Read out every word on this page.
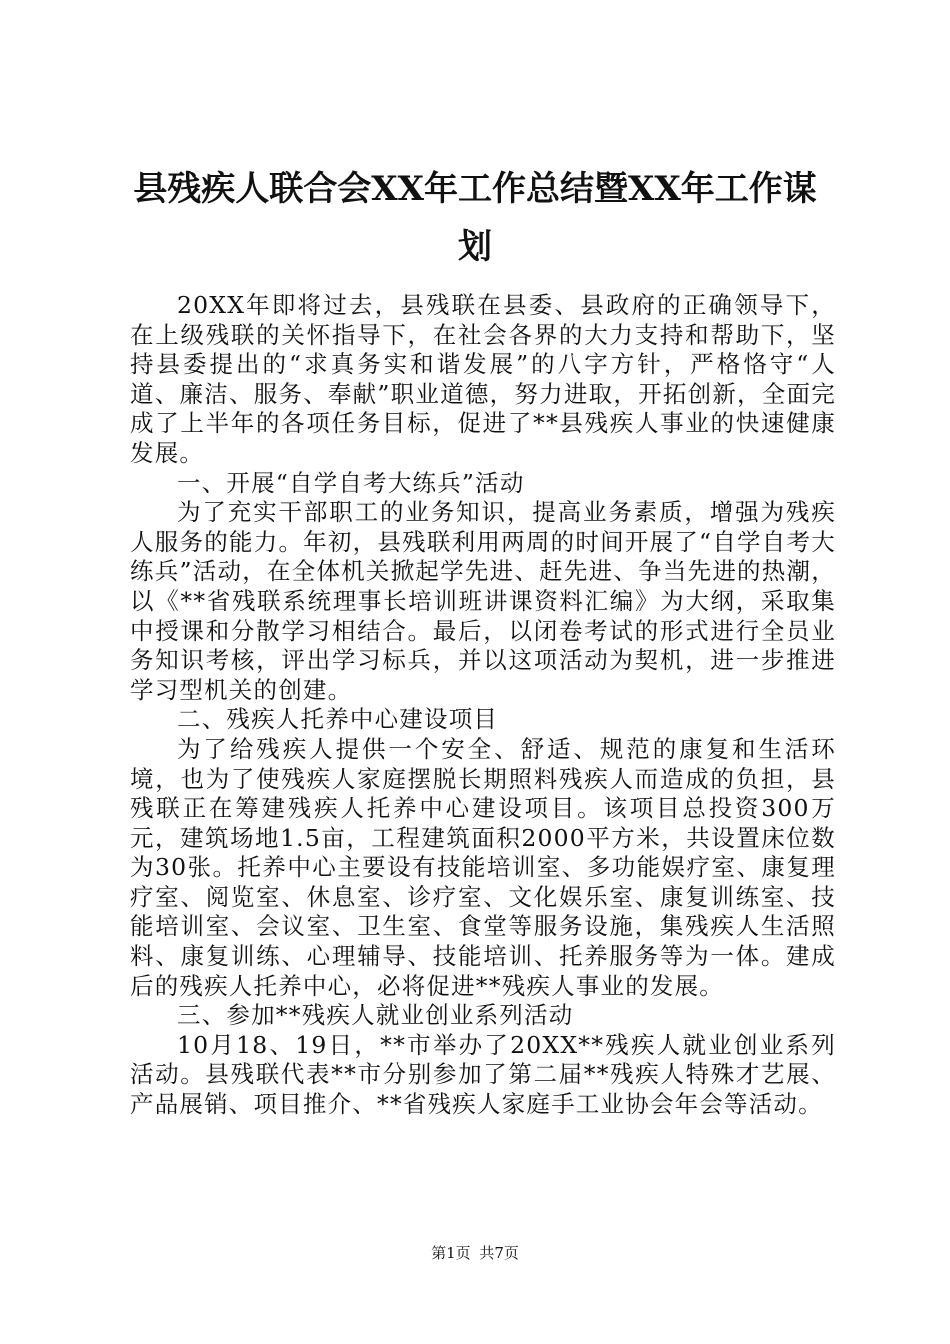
县残疾人联合会XX年工作总结暨XX年工作谋划

20XX年即将过去，县残联在县委、县政府的正确领导下，在上级残联的关怀指导下，在社会各界的大力支持和帮助下，坚持县委提出的“求真务实和谐发展”的八字方针，严格恪守“人道、廉洁、服务、奉献”职业道德，努力进取，开拓创新，全面完成了上半年的各项任务目标，促进了**县残疾人事业的快速健康发展。

一、开展“自学自考大练兵”活动

为了充实干部职工的业务知识，提高业务素质，增强为残疾人服务的能力。年初，县残联利用两周的时间开展了“自学自考大练兵”活动，在全体机关掀起学先进、赶先进、争当先进的热潮，以《**省残联系统理事长培训班讲课资料汇编》为大纲，采取集中授课和分散学习相结合。最后，以闭卷考试的形式进行全员业务知识考核，评出学习标兵，并以这项活动为契机，进一步推进学习型机关的创建。

二、残疾人托养中心建设项目

为了给残疾人提供一个安全、舒适、规范的康复和生活环境，也为了使残疾人家庭摆脱长期照料残疾人而造成的负担，县残联正在筹建残疾人托养中心建设项目。该项目总投资300万元，建筑场地1.5亩，工程建筑面积2000平方米，共设置床位数为30张。托养中心主要设有技能培训室、多功能娱疗室、康复理疗室、阅览室、休息室、诊疗室、文化娱乐室、康复训练室、技能培训室、会议室、卫生室、食堂等服务设施，集残疾人生活照料、康复训练、心理辅导、技能培训、托养服务等为一体。建成后的残疾人托养中心，必将促进**残疾人事业的发展。

三、参加**残疾人就业创业系列活动

10月18、19日，**市举办了20XX**残疾人就业创业系列活动。县残联代表**市分别参加了第二届**残疾人特殊才艺展、产品展销、项目推介、**省残疾人家庭手工业协会年会等活动。

第1页 共7页
